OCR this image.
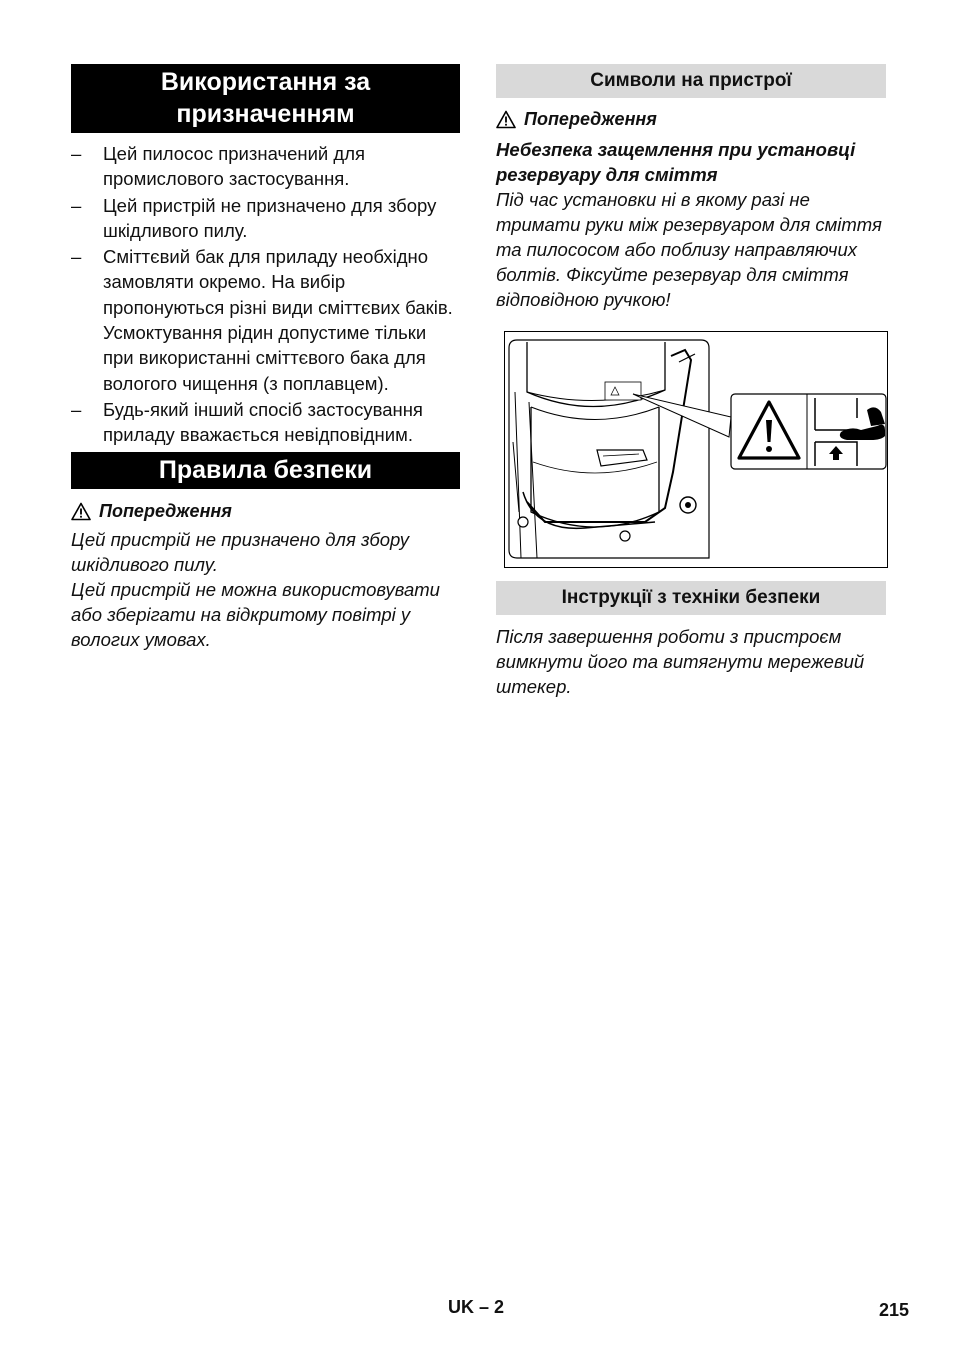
Використання за призначенням
– Цей пилосос призначений для промислового застосування.
– Цей пристрій не призначено для збору шкідливого пилу.
– Сміттєвий бак для приладу необхідно замовляти окремо. На вибір пропонуються різні види сміттєвих баків. Усмоктування рідин допустиме тільки при використанні сміттєвого бака для вологого чищення (з поплавцем).
– Будь-який інший спосіб застосування приладу вважається невідповідним.
Правила безпеки
Попередження

Цей пристрій не призначено для збору шкідливого пилу.

Цей пристрій не можна використовувати або зберігати на відкритому повітрі у вологих умовах.

Символи на пристрої
Попередження

Небезпека защемлення при установці резервуару для сміття

Під час установки ні в якому разі не тримати руки між резервуаром для сміття та пилососом або поблизу направляючих болтів. Фіксуйте резервуар для сміття відповідною ручкою!

Інструкції з техніки безпеки

Після завершення роботи з пристроєм вимкнути його та витягнути мережевий штекер.

UK – 2	215
